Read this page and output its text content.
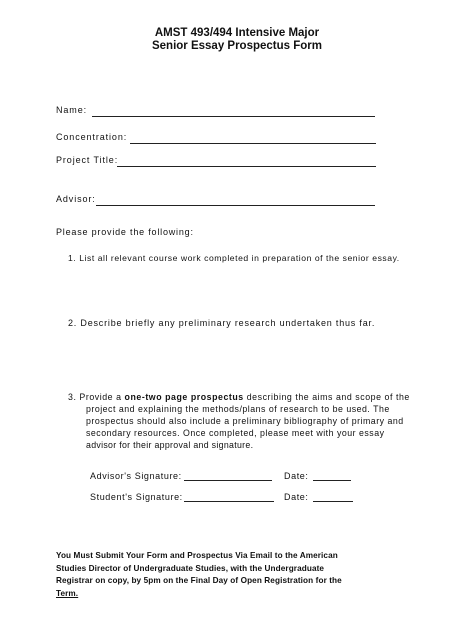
AMST 493/494 Intensive Major
Senior Essay Prospectus Form
Name:
Concentration:
Project Title:
Advisor:
Please provide the following:
1. List all relevant course work completed in preparation of the senior essay.
2. Describe briefly any preliminary research undertaken thus far.
3. Provide a one-two page prospectus describing the aims and scope of the
project and explaining the methods/plans of research to be used. The
prospectus should also include a preliminary bibliography of primary and
secondary resources. Once completed, please meet with your essay
advisor for their approval and signature.
Advisor's Signature:	Date:
Student's Signature:	Date:
You Must Submit Your Form and Prospectus Via Email to the American
Studies Director of Undergraduate Studies, with the Undergraduate
Registrar on copy, by 5pm on the Final Day of Open Registration for the
Term.
